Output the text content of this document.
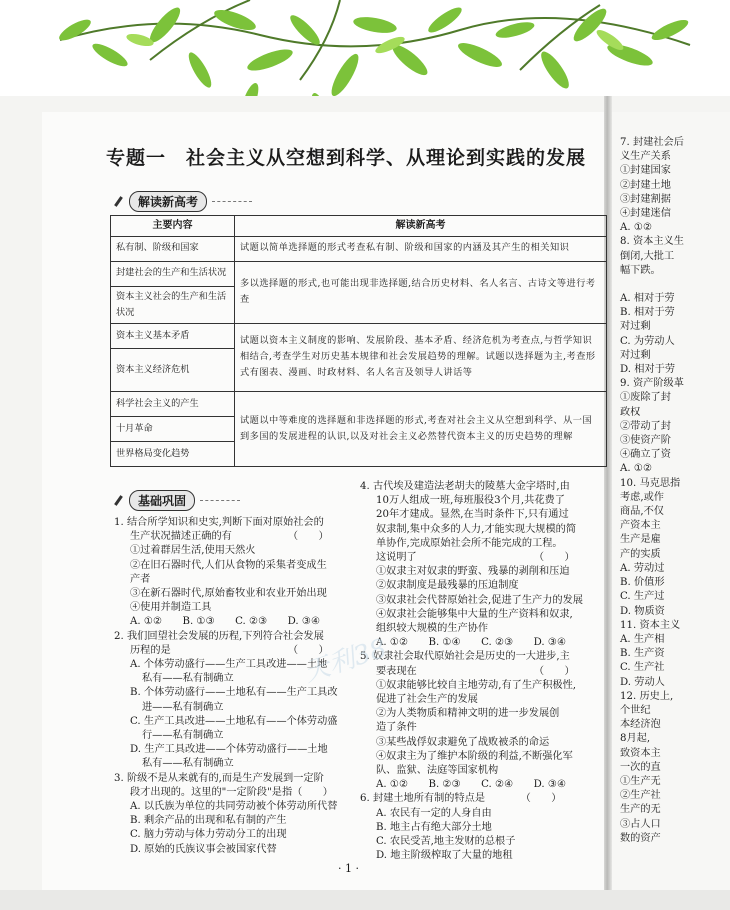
专题一　社会主义从空想到科学、从理论到实践的发展
解读新高考
主要内容	解读新高考
私有制、阶级和国家	试题以简单选择题的形式考查私有制、阶级和国家的内涵及其产生的相关知识
封建社会的生产和生活状况	多以选择题的形式,也可能出现非选择题,结合历史材料、名人名言、古诗文等进行考查
资本主义社会的生产和生活状况	
资本主义基本矛盾	试题以资本主义制度的影响、发展阶段、基本矛盾、经济危机为考查点,与哲学知识相结合,考查学生对历史基本规律和社会发展趋势的理解。试题以选择题为主,考查形式有图表、漫画、时政材料、名人名言及领导人讲话等
资本主义经济危机	
科学社会主义的产生	试题以中等难度的选择题和非选择题的形式,考查对社会主义从空想到科学、从一国到多国的发展进程的认识,以及对社会主义必然替代资本主义的历史趋势的理解
十月革命	
世界格局变化趋势	
基础巩固

1. 结合所学知识和史实,判断下面对原始社会的

生产状况描述正确的有　　　　　　（　　）

①过着群居生活,使用天然火

②在旧石器时代,人们从食物的采集者变成生

产者

③在新石器时代,原始畜牧业和农业开始出现

④使用并制造工具

A. ①②　　B. ①③　　C. ②③　　D. ③④

2. 我们回望社会发展的历程,下列符合社会发展

历程的是　　　　　　　　　　　　（　　）

A. 个体劳动盛行——生产工具改进——土地

私有——私有制确立

B. 个体劳动盛行——土地私有——生产工具改

进——私有制确立

C. 生产工具改进——土地私有——个体劳动盛

行——私有制确立

D. 生产工具改进——个体劳动盛行——土地

私有——私有制确立

3. 阶级不是从来就有的,而是生产发展到一定阶

段才出现的。这里的"一定阶段"是指（　　）

A. 以氏族为单位的共同劳动被个体劳动所代替

B. 剩余产品的出现和私有制的产生

C. 脑力劳动与体力劳动分工的出现

D. 原始的氏族议事会被国家代替

4. 古代埃及建造法老胡夫的陵墓大金字塔时,由

10万人组成一班,每班服役3个月,共花费了

20年才建成。显然,在当时条件下,只有通过

奴隶制,集中众多的人力,才能实现大规模的简

单协作,完成原始社会所不能完成的工程。

这说明了　　　　　　　　　　　　（　　）

①奴隶主对奴隶的野蛮、残暴的剥削和压迫

②奴隶制度是最残暴的压迫制度

③奴隶社会代替原始社会,促进了生产力的发展

④奴隶社会能够集中大量的生产资料和奴隶,

组织较大规模的生产协作

A. ①②　　B. ①④　　C. ②③　　D. ③④

5. 奴隶社会取代原始社会是历史的一大进步,主

要表现在　　　　　　　　　　　　（　　）

①奴隶能够比较自主地劳动,有了生产积极性,

促进了社会生产的发展

②为人类物质和精神文明的进一步发展创

造了条件

③某些战俘奴隶避免了战败被杀的命运

④奴隶主为了维护本阶级的利益,不断强化军

队、监狱、法庭等国家机构

A. ①②　　B. ②③　　C. ②④　　D. ③④

6. 封建土地所有制的特点是　　　　（　　）

A. 农民有一定的人身自由

B. 地主占有绝大部分土地

C. 农民受苦,地主发财的总根子

D. 地主阶级榨取了大量的地租

天利38
· 1 ·

7. 封建社会后

义生产关系

①封建国家

②封建土地

③封建割据

④封建迷信

A. ①②

8. 资本主义生

倒闭,大批工

幅下跌。

A. 相对于劳

B. 相对于劳

对过剩

C. 为劳动人

对过剩

D. 相对于劳

9. 资产阶级革

①废除了封

政权

②带动了封

③使资产阶

④确立了资

A. ①②

10. 马克思指

考虑,或作

商品,不仅

产资本主

生产是雇

产的实质

A. 劳动过

B. 价值形

C. 生产过

D. 物质资

11. 资本主义

A. 生产相

B. 生产资

C. 生产社

D. 劳动人

12. 历史上,

个世纪

本经济泡

8月起,

致资本主

一次的直

①生产无

②生产社

生产的无

③占人口

数的资产
